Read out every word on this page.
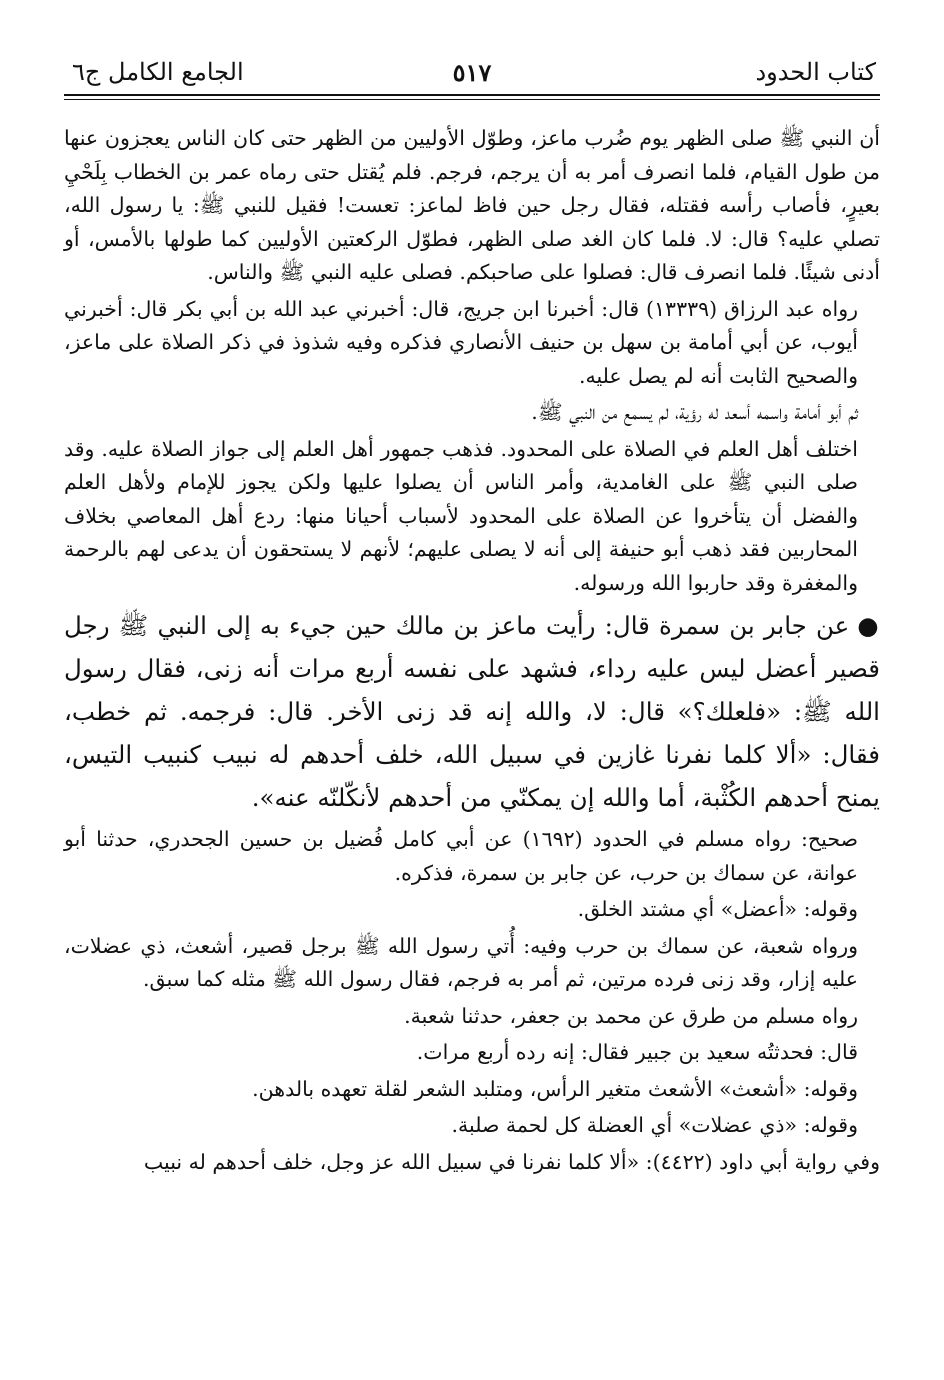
كتاب الحدود
٥١٧
الجامع الكامل ج٦

أن النبي ﷺ صلى الظهر يوم ضُرب ماعز، وطوّل الأوليين من الظهر حتى كان الناس يعجزون عنها من طول القيام، فلما انصرف أمر به أن يرجم، فرجم. فلم يُقتل حتى رماه عمر بن الخطاب بِلَحْيِ بعيرٍ، فأصاب رأسه فقتله، فقال رجل حين فاظ لماعز: تعست! فقيل للنبي ﷺ: يا رسول الله، تصلي عليه؟ قال: لا. فلما كان الغد صلى الظهر، فطوّل الركعتين الأوليين كما طولها بالأمس، أو أدنى شيئًا. فلما انصرف قال: فصلوا على صاحبكم. فصلى عليه النبي ﷺ والناس.

رواه عبد الرزاق (١٣٣٣٩) قال: أخبرنا ابن جريج، قال: أخبرني عبد الله بن أبي بكر قال: أخبرني أيوب، عن أبي أمامة بن سهل بن حنيف الأنصاري فذكره وفيه شذوذ في ذكر الصلاة على ماعز، والصحيح الثابت أنه لم يصل عليه.

ثم أبو أمامة واسمه أسعد له رؤية، لم يسمع من النبي ﷺ.

اختلف أهل العلم في الصلاة على المحدود. فذهب جمهور أهل العلم إلى جواز الصلاة عليه. وقد صلى النبي ﷺ على الغامدية، وأمر الناس أن يصلوا عليها ولكن يجوز للإمام ولأهل العلم والفضل أن يتأخروا عن الصلاة على المحدود لأسباب أحيانا منها: ردع أهل المعاصي بخلاف المحاربين فقد ذهب أبو حنيفة إلى أنه لا يصلى عليهم؛ لأنهم لا يستحقون أن يدعى لهم بالرحمة والمغفرة وقد حاربوا الله ورسوله.

●عن جابر بن سمرة قال: رأيت ماعز بن مالك حين جيء به إلى النبي ﷺ رجل قصير أعضل ليس عليه رداء، فشهد على نفسه أربع مرات أنه زنى، فقال رسول الله ﷺ: «فلعلك؟» قال: لا، والله إنه قد زنى الأخر. قال: فرجمه. ثم خطب، فقال: «ألا كلما نفرنا غازين في سبيل الله، خلف أحدهم له نبيب كنبيب التيس، يمنح أحدهم الكُثْبة، أما والله إن يمكنّي من أحدهم لأنكّلنّه عنه».

صحيح: رواه مسلم في الحدود (١٦٩٢) عن أبي كامل فُضيل بن حسين الجحدري، حدثنا أبو عوانة، عن سماك بن حرب، عن جابر بن سمرة، فذكره.

وقوله: «أعضل» أي مشتد الخلق.

ورواه شعبة، عن سماك بن حرب وفيه: أُتي رسول الله ﷺ برجل قصير، أشعث، ذي عضلات، عليه إزار، وقد زنى فرده مرتين، ثم أمر به فرجم، فقال رسول الله ﷺ مثله كما سبق.

رواه مسلم من طرق عن محمد بن جعفر، حدثنا شعبة.

قال: فحدثتُه سعيد بن جبير فقال: إنه رده أربع مرات.

وقوله: «أشعث» الأشعث متغير الرأس، ومتلبد الشعر لقلة تعهده بالدهن.

وقوله: «ذي عضلات» أي العضلة كل لحمة صلبة.

وفي رواية أبي داود (٤٤٢٢): «ألا كلما نفرنا في سبيل الله عز وجل، خلف أحدهم له نبيب
